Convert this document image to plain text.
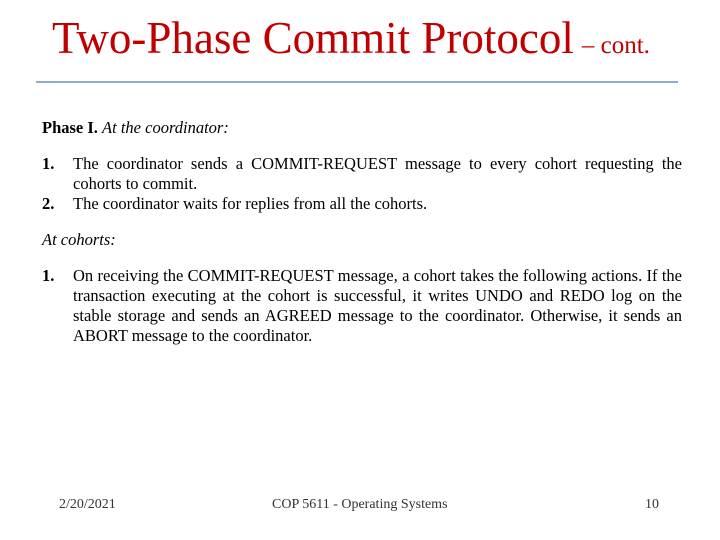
Two-Phase Commit Protocol – cont.
Phase I. At the coordinator:
1.	The coordinator sends a COMMIT-REQUEST message to every cohort requesting the cohorts to commit.
2.	The coordinator waits for replies from all the cohorts.
At cohorts:
1.	On receiving the COMMIT-REQUEST message, a cohort takes the following actions. If the transaction executing at the cohort is successful, it writes UNDO and REDO log on the stable storage and sends an AGREED message to the coordinator. Otherwise, it sends an ABORT message to the coordinator.
2/20/2021	COP 5611 - Operating Systems	10
